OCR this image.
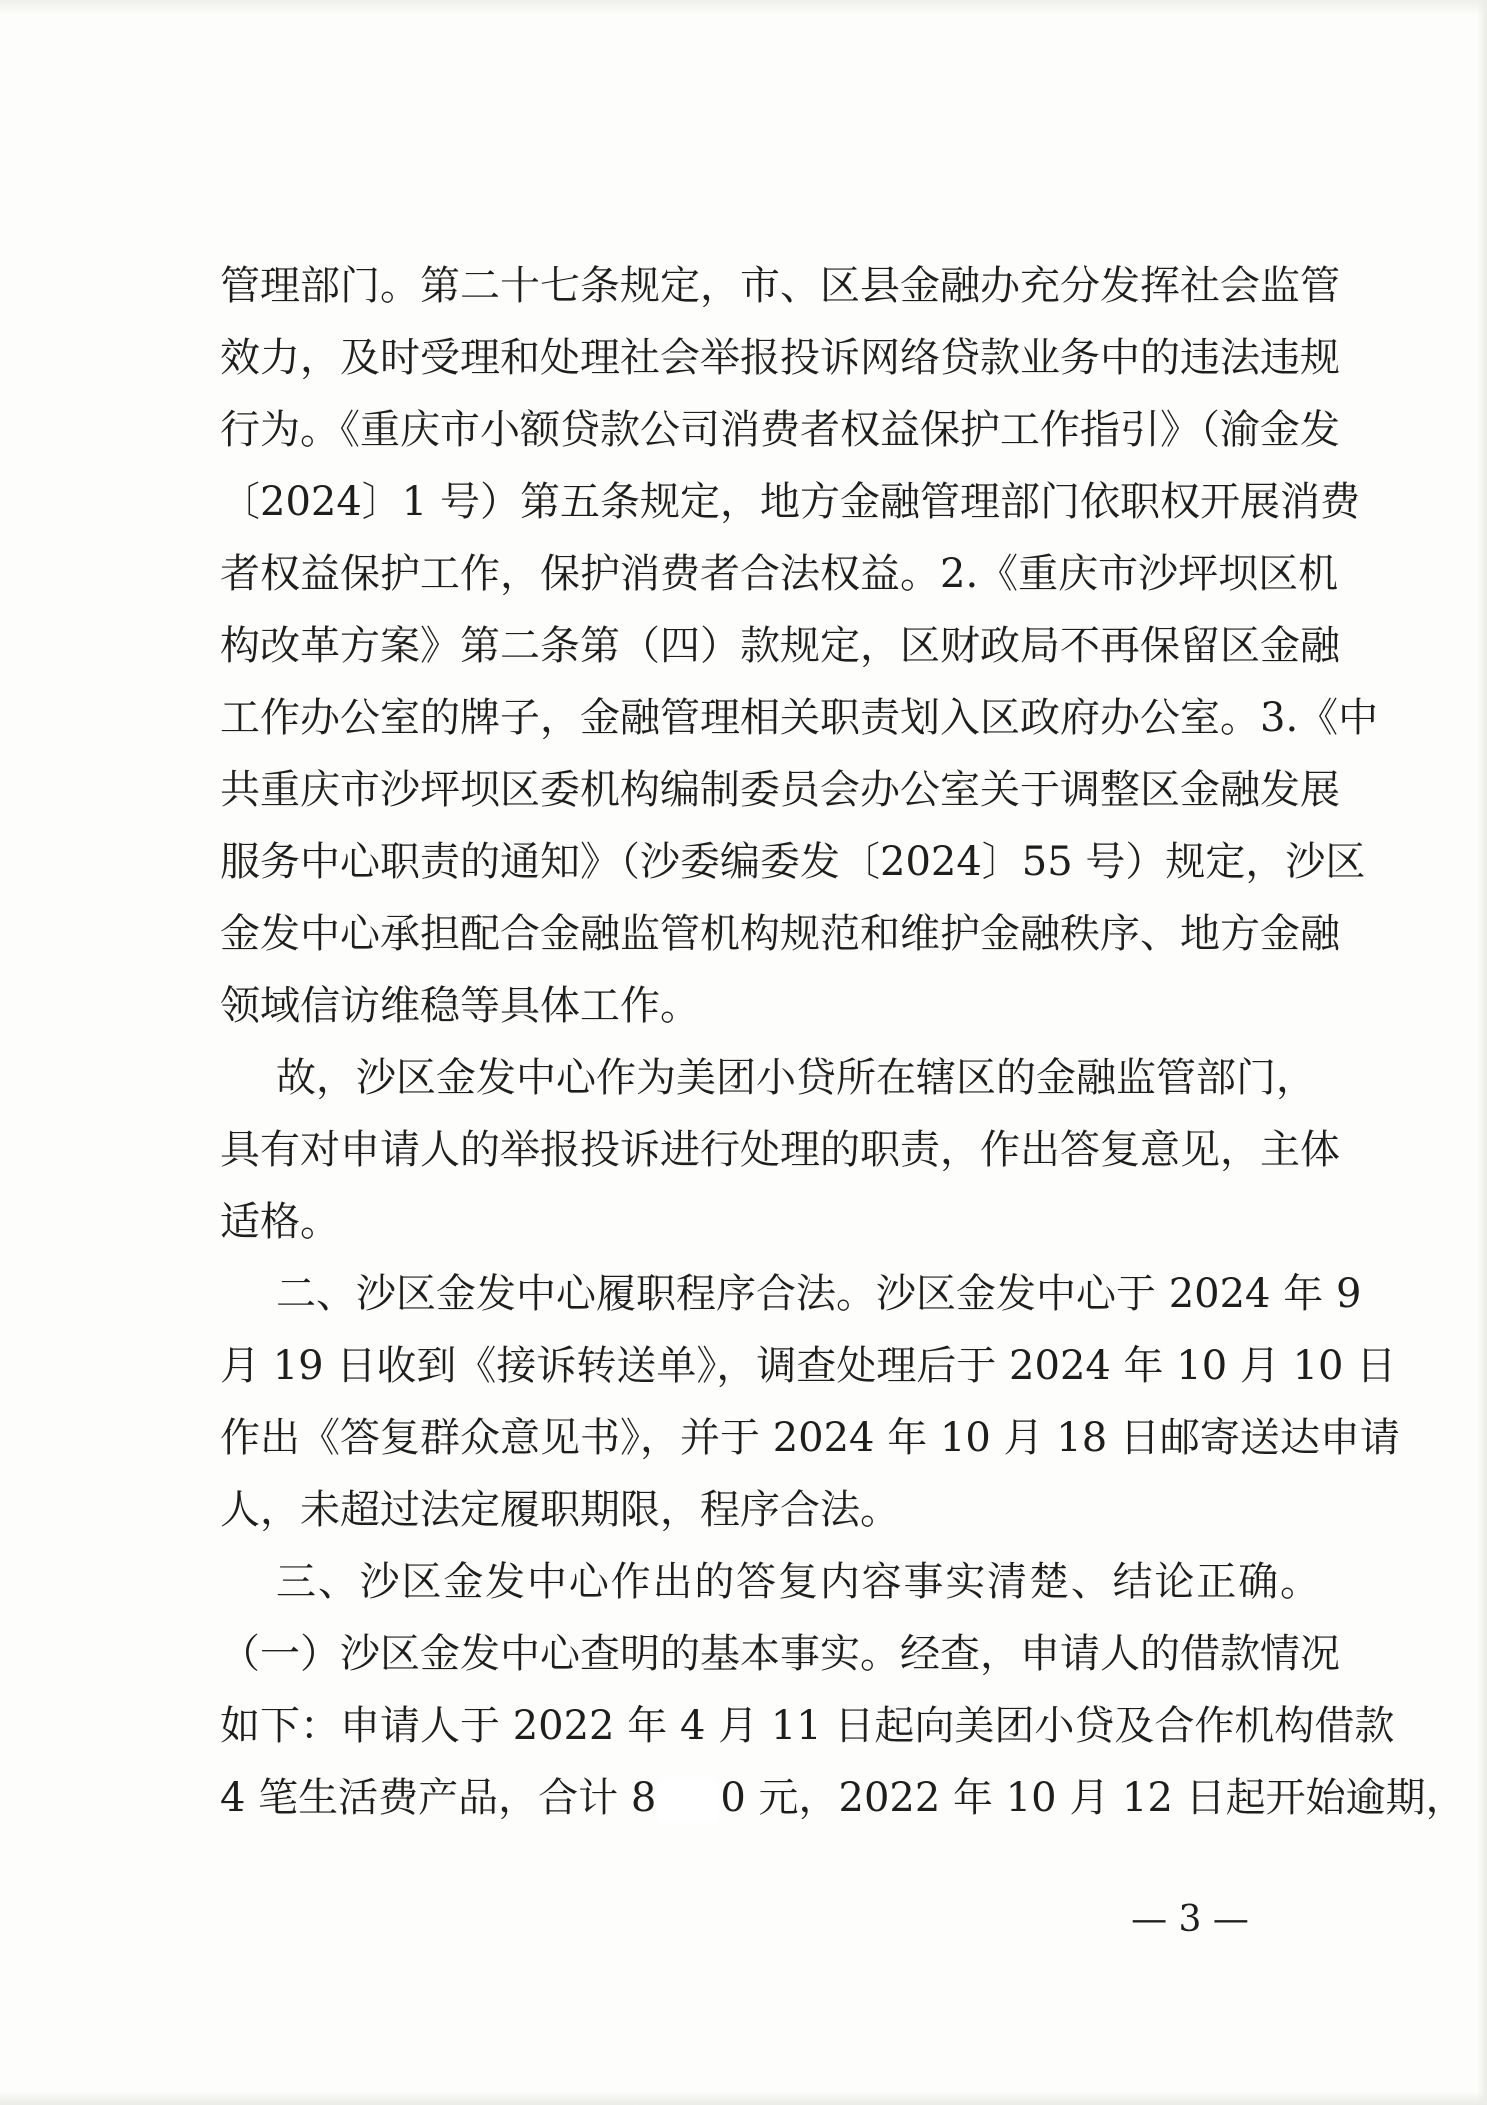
管理部门。第二十七条规定，市、区县金融办充分发挥社会监管
效力，及时受理和处理社会举报投诉网络贷款业务中的违法违规
行为。《重庆市小额贷款公司消费者权益保护工作指引》（渝金发
〔2024〕1 号）第五条规定，地方金融管理部门依职权开展消费
者权益保护工作，保护消费者合法权益。2.《重庆市沙坪坝区机
构改革方案》第二条第（四）款规定，区财政局不再保留区金融
工作办公室的牌子，金融管理相关职责划入区政府办公室。3.《中
共重庆市沙坪坝区委机构编制委员会办公室关于调整区金融发展
服务中心职责的通知》（沙委编委发〔2024〕55 号）规定，沙区
金发中心承担配合金融监管机构规范和维护金融秩序、地方金融
领域信访维稳等具体工作。
故，沙区金发中心作为美团小贷所在辖区的金融监管部门，
具有对申请人的举报投诉进行处理的职责，作出答复意见，主体
适格。
二、沙区金发中心履职程序合法。沙区金发中心于 2024 年 9
月 19 日收到《接诉转送单》，调查处理后于 2024 年 10 月 10 日
作出《答复群众意见书》，并于 2024 年 10 月 18 日邮寄送达申请
人，未超过法定履职期限，程序合法。
三、沙区金发中心作出的答复内容事实清楚、结论正确。
（一）沙区金发中心查明的基本事实。经查，申请人的借款情况
如下：申请人于 2022 年 4 月 11 日起向美团小贷及合作机构借款
4 笔生活费产品，合计 8 0 元，2022 年 10 月 12 日起开始逾期，
— 3 —
